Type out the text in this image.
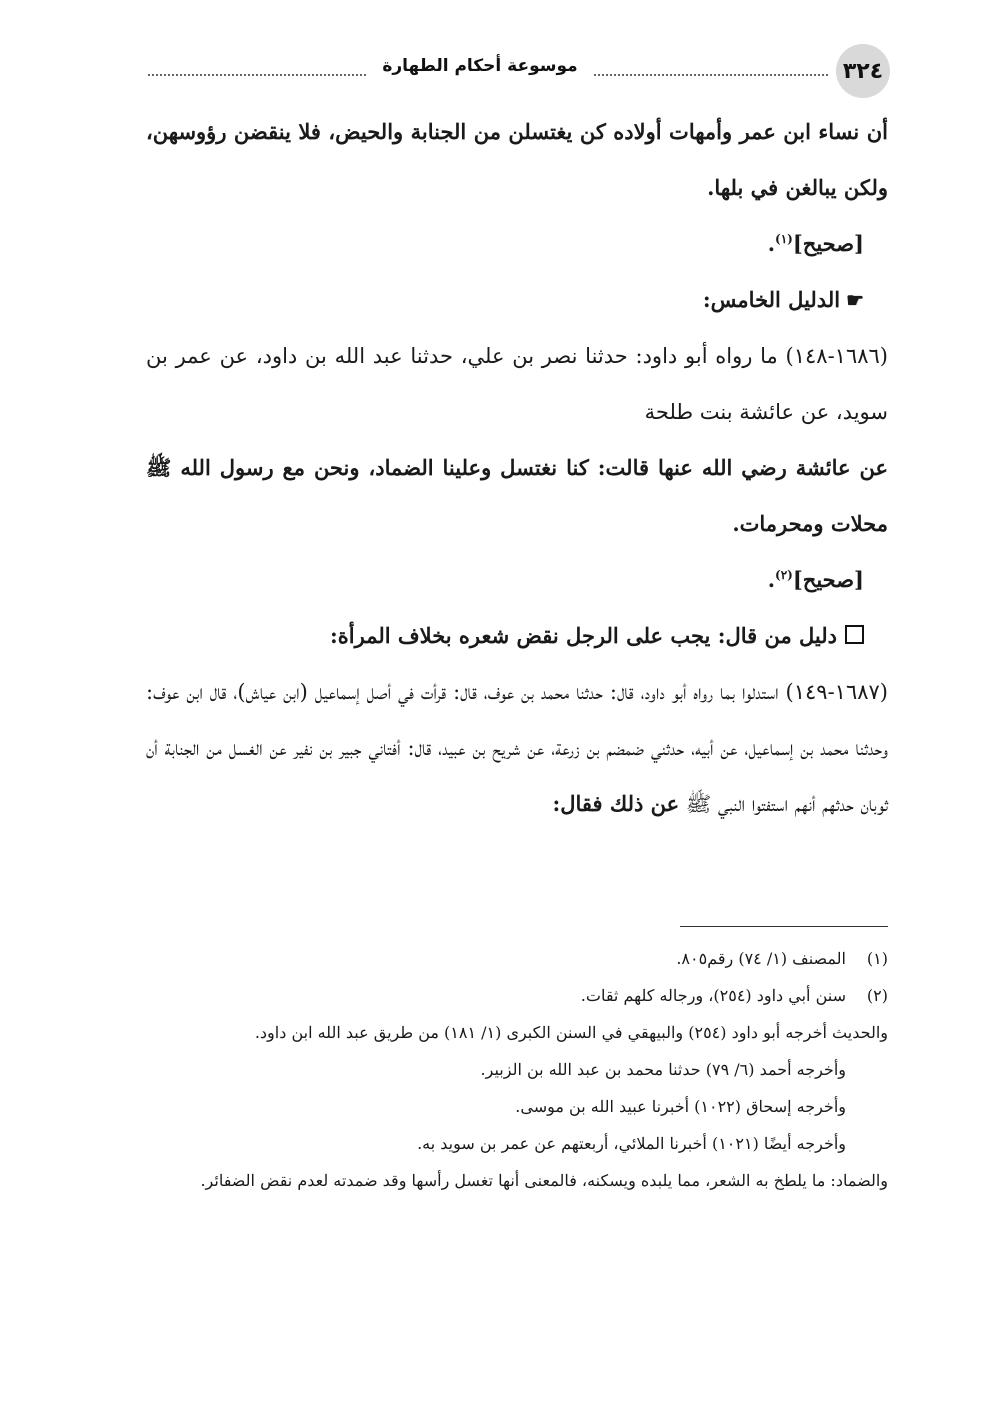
٣٢٤
موسوعة أحكام الطهارة

أن نساء ابن عمر وأمهات أولاده كن يغتسلن من الجنابة والحيض، فلا ينقضن رؤوسهن، ولكن يبالغن في بلها.

[صحيح]$^{(١)}$.

☛الدليل الخامس:

(١٦٨٦-١٤٨) ما رواه أبو داود: حدثنا نصر بن علي، حدثنا عبد الله بن داود، عن عمر بن سويد، عن عائشة بنت طلحة

عن عائشة رضي الله عنها قالت: كنا نغتسل وعلينا الضماد، ونحن مع رسول الله ﷺ محلات ومحرمات.

[صحيح]$^{(٢)}$.

دليل من قال: يجب على الرجل نقض شعره بخلاف المرأة:

(١٦٨٧-١٤٩) استدلوا بما رواه أبو داود، قال: حدثنا محمد بن عوف، قال: قرأت في أصل إسماعيل (ابن عياش)، قال ابن عوف: وحدثنا محمد بن إسماعيل، عن أبيه، حدثني ضمضم بن زرعة، عن شريح بن عبيد، قال: أفتاني جبير بن نفير عن الغسل من الجنابة أن ثوبان حدثهم أنهم استفتوا النبي ﷺ عن ذلك فقال:

(١)المصنف (١/ ٧٤) رقم٨٠٥.

(٢)سنن أبي داود (٢٥٤)، ورجاله كلهم ثقات.

والحديث أخرجه أبو داود (٢٥٤) والبيهقي في السنن الكبرى (١/ ١٨١) من طريق عبد الله ابن داود.

وأخرجه أحمد (٦/ ٧٩) حدثنا محمد بن عبد الله بن الزبير.

وأخرجه إسحاق (١٠٢٢) أخبرنا عبيد الله بن موسى.

وأخرجه أيضًا (١٠٢١) أخبرنا الملائي، أربعتهم عن عمر بن سويد به.

والضماد: ما يلطخ به الشعر، مما يلبده ويسكنه، فالمعنى أنها تغسل رأسها وقد ضمدته لعدم نقض الضفائر.
